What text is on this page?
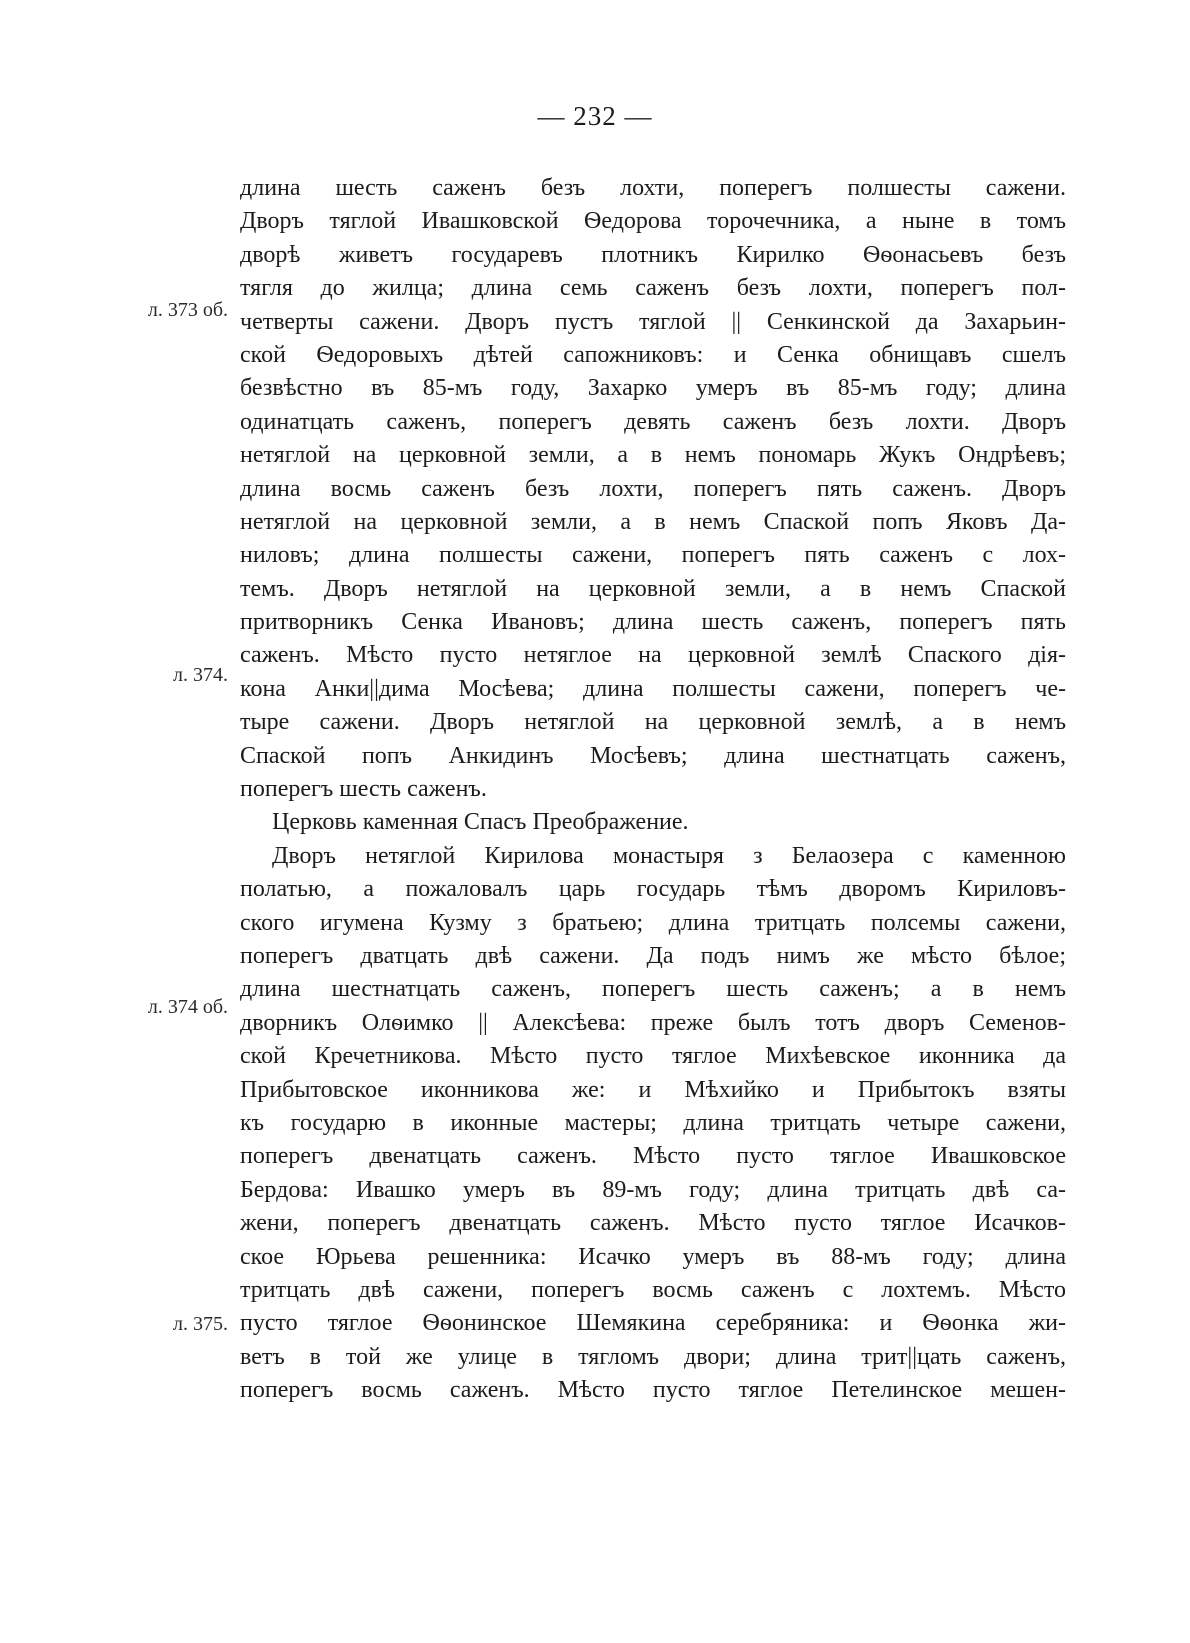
— 232 —
л. 373 об.
л. 374.
л. 374 об.
л. 375.
длина шесть саженъ безъ лохти, поперегъ полшесты сажени.
Дворъ тяглой Ивашковской Ѳедорова торочечника, а ныне в томъ
дворѣ живетъ государевъ плотникъ Кирилко Ѳѳонасьевъ безъ
тягля до жилца; длина семь саженъ безъ лохти, поперегъ пол-
четверты сажени. Дворъ пустъ тяглой || Сенкинской да Захарьин-
ской Ѳедоровыхъ дѣтей сапожниковъ: и Сенка обнищавъ сшелъ
безвѣстно въ 85-мъ году, Захарко умеръ въ 85-мъ году; длина
одинатцать саженъ, поперегъ девять саженъ безъ лохти. Дворъ
нетяглой на церковной земли, а в немъ пономарь Жукъ Ондрѣевъ;
длина восмь саженъ безъ лохти, поперегъ пять саженъ. Дворъ
нетяглой на церковной земли, а в немъ Спаской попъ Яковъ Да-
ниловъ; длина полшесты сажени, поперегъ пять саженъ с лох-
темъ. Дворъ нетяглой на церковной земли, а в немъ Спаской
притворникъ Сенка Ивановъ; длина шесть саженъ, поперегъ пять
саженъ. Мѣсто пусто нетяглое на церковной землѣ Спаского дія-
кона Анки||дима Мосѣева; длина полшесты сажени, поперегъ че-
тыре сажени. Дворъ нетяглой на церковной землѣ, а в немъ
Спаской попъ Анкидинъ Мосѣевъ; длина шестнатцать саженъ,
поперегъ шесть саженъ.
Церковь каменная Спасъ Преображение.
Дворъ нетяглой Кирилова монастыря з Белаозера с каменною
полатью, а пожаловалъ царь государь тѣмъ дворомъ Кириловъ-
ского игумена Кузму з братьею; длина тритцать полсемы сажени,
поперегъ дватцать двѣ сажени. Да подъ нимъ же мѣсто бѣлое;
длина шестнатцать саженъ, поперегъ шесть саженъ; а в немъ
дворникъ Олѳимко || Алексѣева: преже былъ тотъ дворъ Семенов-
ской Кречетникова. Мѣсто пусто тяглое Михѣевское иконника да
Прибытовское иконникова же: и Мѣхийко и Прибытокъ взяты
къ государю в иконные мастеры; длина тритцать четыре сажени,
поперегъ двенатцать саженъ. Мѣсто пусто тяглое Ивашковское
Бердова: Ивашко умеръ въ 89-мъ году; длина тритцать двѣ са-
жени, поперегъ двенатцать саженъ. Мѣсто пусто тяглое Исачков-
ское Юрьева решенника: Исачко умеръ въ 88-мъ году; длина
тритцать двѣ сажени, поперегъ восмь саженъ с лохтемъ. Мѣсто
пусто тяглое Ѳѳонинское Шемякина серебряника: и Ѳѳонка жи-
ветъ в той же улице в тягломъ двори; длина трит||цать саженъ,
поперегъ восмь саженъ. Мѣсто пусто тяглое Петелинское мешен-
